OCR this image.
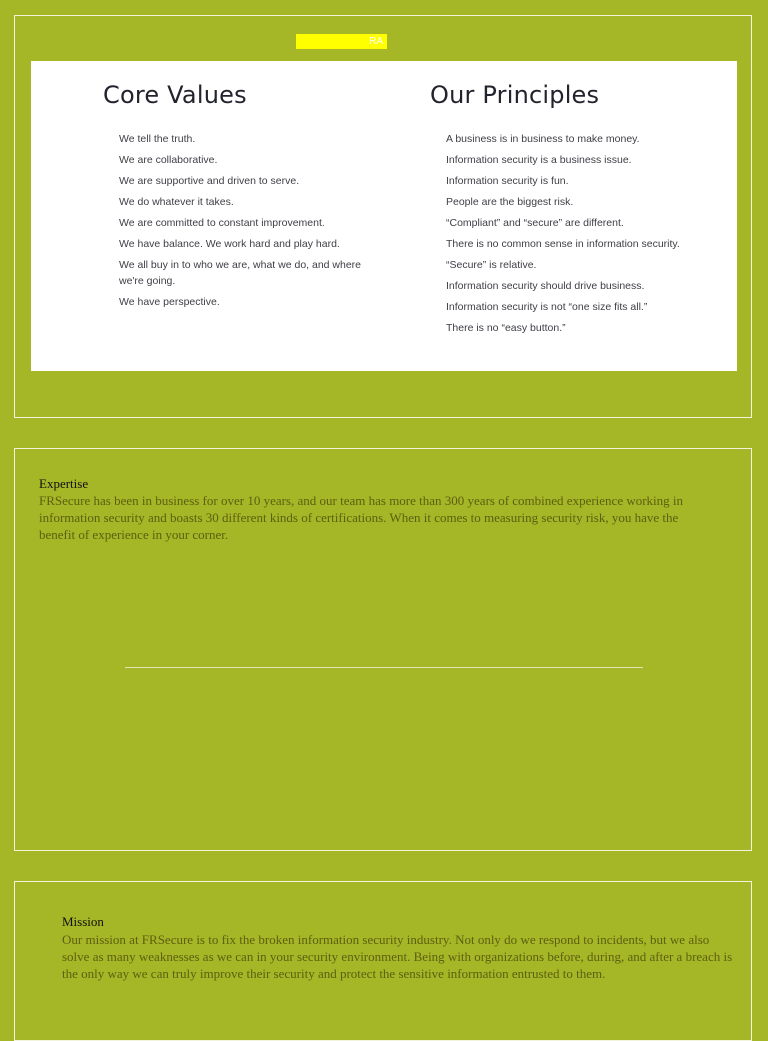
RA
Core Values
We tell the truth.
We are collaborative.
We are supportive and driven to serve.
We do whatever it takes.
We are committed to constant improvement.
We have balance. We work hard and play hard.
We all buy in to who we are, what we do, and where we're going.
We have perspective.
Our Principles
A business is in business to make money.
Information security is a business issue.
Information security is fun.
People are the biggest risk.
“Compliant” and “secure” are different.
There is no common sense in information security.
“Secure” is relative.
Information security should drive business.
Information security is not “one size fits all.”
There is no “easy button.”
Expertise
FRSecure has been in business for over 10 years, and our team has more than 300 years of combined experience working in information security and boasts 30 different kinds of certifications. When it comes to measuring security risk, you have the benefit of experience in your corner.
Mission
Our mission at FRSecure is to fix the broken information security industry. Not only do we respond to incidents, but we also solve as many weaknesses as we can in your security environment. Being with organizations before, during, and after a breach is the only way we can truly improve their security and protect the sensitive information entrusted to them.
